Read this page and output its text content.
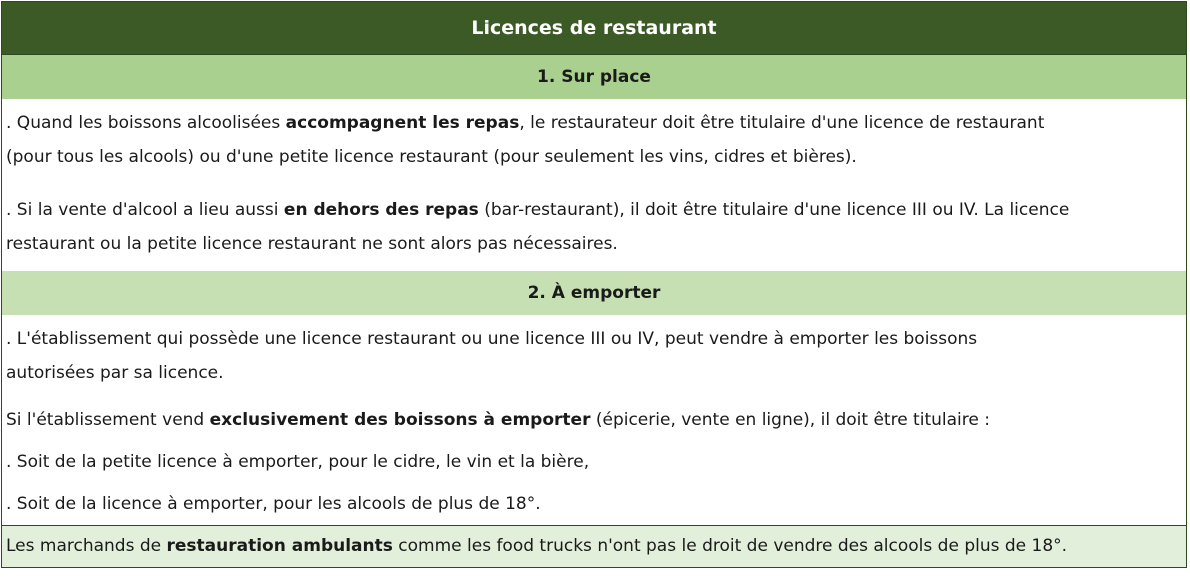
Licences de restaurant
1. Sur place

. Quand les boissons alcoolisées accompagnent les repas, le restaurateur doit être titulaire d'une licence de restaurant
(pour tous les alcools) ou d'une petite licence restaurant (pour seulement les vins, cidres et bières).

. Si la vente d'alcool a lieu aussi en dehors des repas (bar-restaurant), il doit être titulaire d'une licence III ou IV. La licence
restaurant ou la petite licence restaurant ne sont alors pas nécessaires.

2. À emporter

. L'établissement qui possède une licence restaurant ou une licence III ou IV, peut vendre à emporter les boissons
autorisées par sa licence.

Si l'établissement vend exclusivement des boissons à emporter (épicerie, vente en ligne), il doit être titulaire :

. Soit de la petite licence à emporter, pour le cidre, le vin et la bière,

. Soit de la licence à emporter, pour les alcools de plus de 18°.

Les marchands de restauration ambulants comme les food trucks n'ont pas le droit de vendre des alcools de plus de 18°.
